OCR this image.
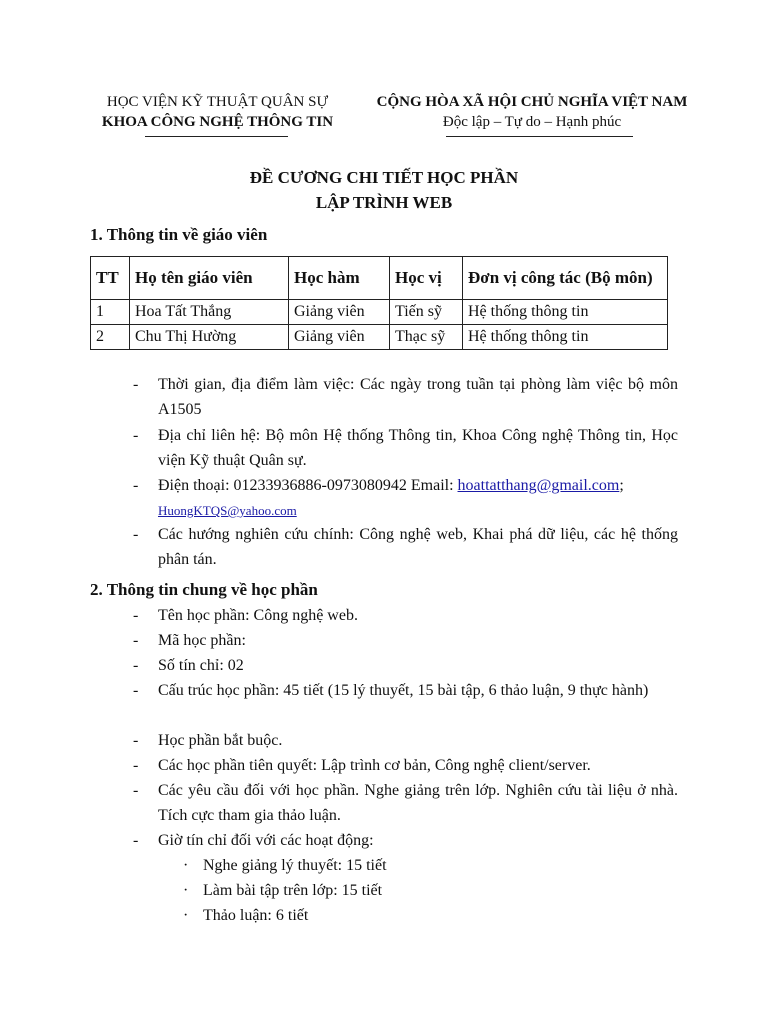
HỌC VIỆN KỸ THUẬT QUÂN SỰ
KHOA CÔNG NGHỆ THÔNG TIN
CỘNG HÒA XÃ HỘI CHỦ NGHĨA VIỆT NAM
Độc lập – Tự do – Hạnh phúc
ĐỀ CƯƠNG CHI TIẾT HỌC PHẦN
LẬP TRÌNH WEB
1. Thông tin về giáo viên
TT	Họ tên giáo viên	Học hàm	Học vị	Đơn vị công tác (Bộ môn)
1	Hoa Tất Thắng	Giảng viên	Tiến sỹ	Hệ thống thông tin
2	Chu Thị Hường	Giảng viên	Thạc sỹ	Hệ thống thông tin
- Thời gian, địa điểm làm việc: Các ngày trong tuần tại phòng làm việc bộ môn A1505
- Địa chỉ liên hệ: Bộ môn Hệ thống Thông tin, Khoa Công nghệ Thông tin, Học viện Kỹ thuật Quân sự.
- Điện thoại: 01233936886-0973080942 Email: hoattatthang@gmail.com;
HuongKTQS@yahoo.com
- Các hướng nghiên cứu chính: Công nghệ web, Khai phá dữ liệu, các hệ thống phân tán.
2. Thông tin chung về học phần
- Tên học phần: Công nghệ web.
- Mã học phần:
- Số tín chỉ: 02
- Cấu trúc học phần: 45 tiết (15 lý thuyết, 15 bài tập, 6 thảo luận, 9 thực hành)
- Học phần bắt buộc.
- Các học phần tiên quyết: Lập trình cơ bản, Công nghệ client/server.
- Các yêu cầu đối với học phần. Nghe giảng trên lớp. Nghiên cứu tài liệu ở nhà. Tích cực tham gia thảo luận.
- Giờ tín chỉ đối với các hoạt động:
· Nghe giảng lý thuyết: 15 tiết
· Làm bài tập trên lớp: 15 tiết
· Thảo luận: 6 tiết
